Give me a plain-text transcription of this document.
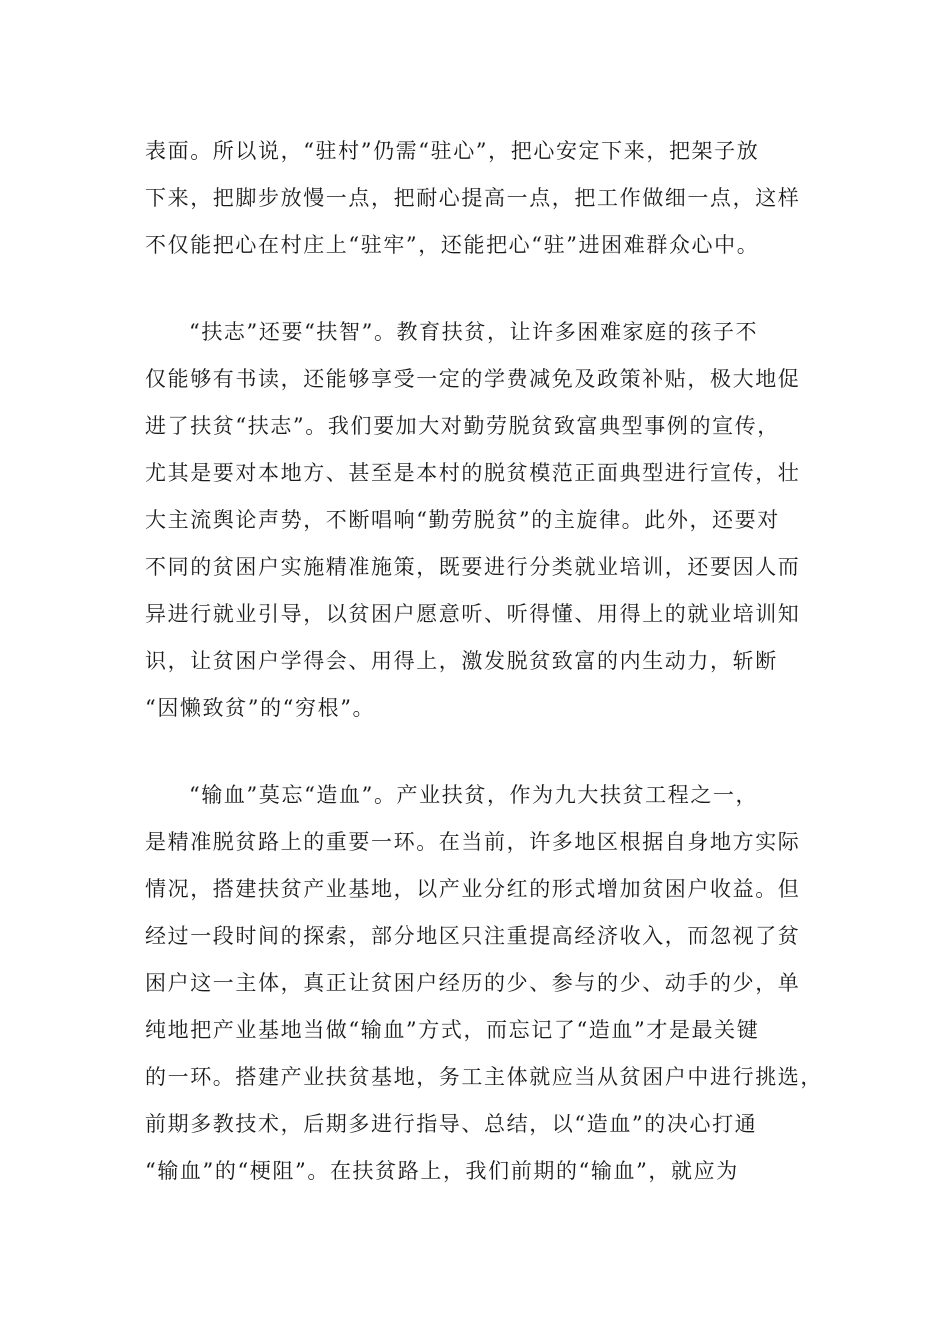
表面。所以说，“驻村”仍需“驻心”，把心安定下来，把架子放
下来，把脚步放慢一点，把耐心提高一点，把工作做细一点，这样
不仅能把心在村庄上“驻牢”，还能把心“驻”进困难群众心中。
“扶志”还要“扶智”。教育扶贫，让许多困难家庭的孩子不
仅能够有书读，还能够享受一定的学费减免及政策补贴，极大地促
进了扶贫“扶志”。我们要加大对勤劳脱贫致富典型事例的宣传，
尤其是要对本地方、甚至是本村的脱贫模范正面典型进行宣传，壮
大主流舆论声势，不断唱响“勤劳脱贫”的主旋律。此外，还要对
不同的贫困户实施精准施策，既要进行分类就业培训，还要因人而
异进行就业引导，以贫困户愿意听、听得懂、用得上的就业培训知
识，让贫困户学得会、用得上，激发脱贫致富的内生动力，斩断
“因懒致贫”的“穷根”。
“输血”莫忘“造血”。产业扶贫，作为九大扶贫工程之一，
是精准脱贫路上的重要一环。在当前，许多地区根据自身地方实际
情况，搭建扶贫产业基地，以产业分红的形式增加贫困户收益。但
经过一段时间的探索，部分地区只注重提高经济收入，而忽视了贫
困户这一主体，真正让贫困户经历的少、参与的少、动手的少，单
纯地把产业基地当做“输血”方式，而忘记了“造血”才是最关键
的一环。搭建产业扶贫基地，务工主体就应当从贫困户中进行挑选，
前期多教技术，后期多进行指导、总结，以“造血”的决心打通
“输血”的“梗阻”。在扶贫路上，我们前期的“输血”，就应为
